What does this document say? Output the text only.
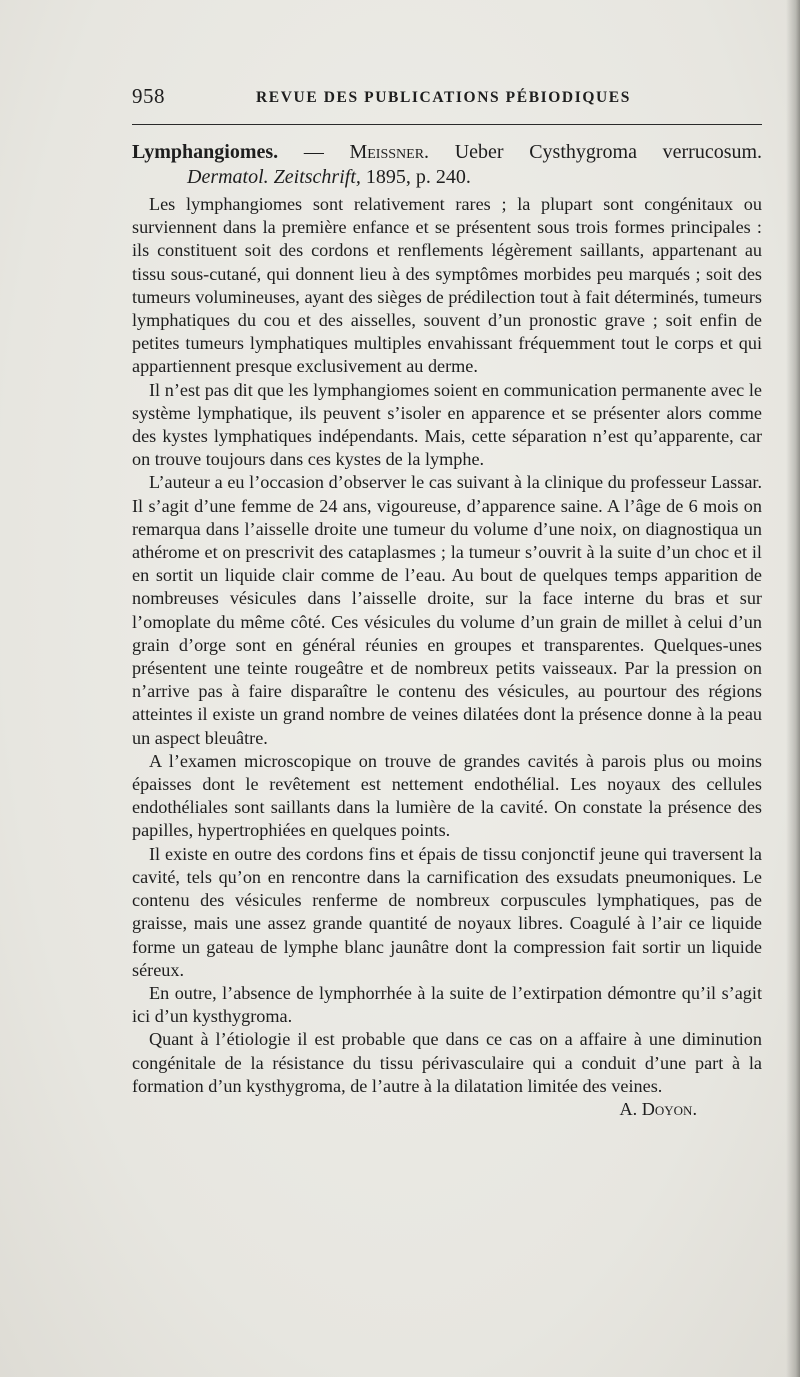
958	REVUE DES PUBLICATIONS PÉBIODIQUES
Lymphangiomes. — Meissner. Ueber Cysthygroma verrucosum.
Dermatol. Zeitschrift, 1895, p. 240.

Les lymphangiomes sont relativement rares ; la plupart sont congénitaux ou surviennent dans la première enfance et se présentent sous trois formes principales : ils constituent soit des cordons et renflements légèrement saillants, appartenant au tissu sous-cutané, qui donnent lieu à des symptômes morbides peu marqués ; soit des tumeurs volumineuses, ayant des sièges de prédilection tout à fait déterminés, tumeurs lymphatiques du cou et des aisselles, souvent d’un pronostic grave ; soit enfin de petites tumeurs lymphatiques multiples envahissant fréquemment tout le corps et qui appartiennent presque exclusivement au derme.

Il n’est pas dit que les lymphangiomes soient en communication permanente avec le système lymphatique, ils peuvent s’isoler en apparence et se présenter alors comme des kystes lymphatiques indépendants. Mais, cette séparation n’est qu’apparente, car on trouve toujours dans ces kystes de la lymphe.

L’auteur a eu l’occasion d’observer le cas suivant à la clinique du professeur Lassar. Il s’agit d’une femme de 24 ans, vigoureuse, d’apparence saine. A l’âge de 6 mois on remarqua dans l’aisselle droite une tumeur du volume d’une noix, on diagnostiqua un athérome et on prescrivit des cataplasmes ; la tumeur s’ouvrit à la suite d’un choc et il en sortit un liquide clair comme de l’eau. Au bout de quelques temps apparition de nombreuses vésicules dans l’aisselle droite, sur la face interne du bras et sur l’omoplate du même côté. Ces vésicules du volume d’un grain de millet à celui d’un grain d’orge sont en général réunies en groupes et transparentes. Quelques-unes présentent une teinte rougeâtre et de nombreux petits vaisseaux. Par la pression on n’arrive pas à faire disparaître le contenu des vésicules, au pourtour des régions atteintes il existe un grand nombre de veines dilatées dont la présence donne à la peau un aspect bleuâtre.

A l’examen microscopique on trouve de grandes cavités à parois plus ou moins épaisses dont le revêtement est nettement endothélial. Les noyaux des cellules endothéliales sont saillants dans la lumière de la cavité. On constate la présence des papilles, hypertrophiées en quelques points.

Il existe en outre des cordons fins et épais de tissu conjonctif jeune qui traversent la cavité, tels qu’on en rencontre dans la carnification des exsudats pneumoniques. Le contenu des vésicules renferme de nombreux corpuscules lymphatiques, pas de graisse, mais une assez grande quantité de noyaux libres. Coagulé à l’air ce liquide forme un gateau de lymphe blanc jaunâtre dont la compression fait sortir un liquide séreux.

En outre, l’absence de lymphorrhée à la suite de l’extirpation démontre qu’il s’agit ici d’un kysthygroma.

Quant à l’étiologie il est probable que dans ce cas on a affaire à une diminution congénitale de la résistance du tissu périvasculaire qui a conduit d’une part à la formation d’un kysthygroma, de l’autre à la dilatation limitée des veines.
A. Doyon.
